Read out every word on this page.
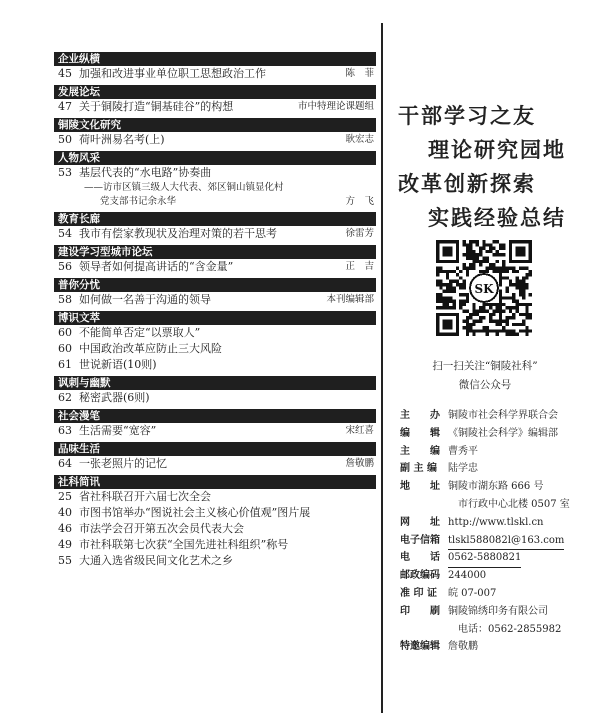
企业纵横
45 加强和改进事业单位职工思想政治工作	陈　菲
发展论坛
47 关于铜陵打造“铜基硅谷”的构想	市中特理论课题组
铜陵文化研究
50 荷叶洲易名考(上)	耿宏志
人物风采
53 基层代表的“水电路”协奏曲
——访市区镇三级人大代表、郊区铜山镇显化村
党支部书记余永华	方　飞
教育长廊
54 我市有偿家教现状及治理对策的若干思考	徐雷芳
建设学习型城市论坛
56 领导者如何提高讲话的“含金量”	正　吉
普你分忧
58 如何做一名善于沟通的领导	本刊编辑部
博识文萃
60 不能简单否定“以票取人”
60 中国政治改革应防止三大风险
61 世说新语(10则)
讽刺与幽默
62 秘密武器(6则)
社会漫笔
63 生活需要“宽容”	宋红喜
品味生活
64 一张老照片的记忆	詹敬鹏
社科简讯
25 省社科联召开六届七次全会
40 市图书馆举办“图说社会主义核心价值观”图片展
46 市法学会召开第五次会员代表大会
49 市社科联第七次获“全国先进社科组织”称号
55 大通入选省级民间文化艺术之乡
干部学习之友
理论研究园地
改革创新探索
实践经验总结
SK
扫一扫关注“铜陵社科”
微信公众号
主　　办 铜陵市社会科学界联合会
编　　辑 《铜陵社会科学》编辑部
主　　编 曹秀平
副 主 编 陆学忠
地　　址 铜陵市湖东路 666 号
市行政中心北楼 0507 室
网　　址 http://www.tlskl.cn
电子信箱 tlskl588082l@163.com
电　　话 0562-5880821
邮政编码 244000
准 印 证 皖 07-007
印　　刷 铜陵锦绣印务有限公司
电话：0562-2855982
特邀编辑 詹敬鹏
